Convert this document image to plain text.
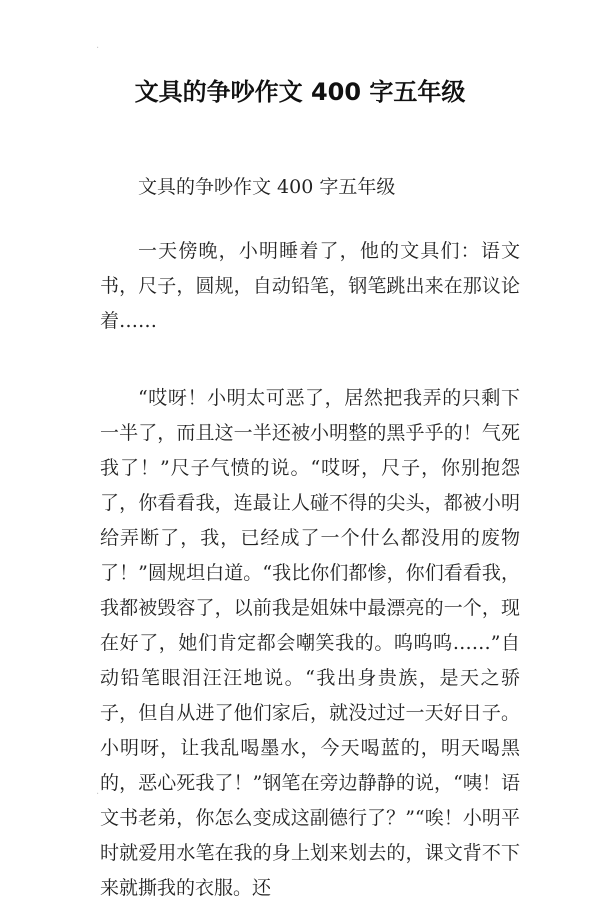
.
文具的争吵作文 400 字五年级

文具的争吵作文 400 字五年级

一天傍晚，小明睡着了，他的文具们：语文书，尺子，圆规，自动铅笔，钢笔跳出来在那议论着……

“哎呀！小明太可恶了，居然把我弄的只剩下一半了，而且这一半还被小明整的黑乎乎的！气死我了！”尺子气愤的说。“哎呀，尺子，你别抱怨了，你看看我，连最让人碰不得的尖头，都被小明给弄断了，我，已经成了一个什么都没用的废物了！”圆规坦白道。“我比你们都惨，你们看看我，我都被毁容了，以前我是姐妹中最漂亮的一个，现在好了，她们肯定都会嘲笑我的。呜呜呜……”自动铅笔眼泪汪汪地说。“我出身贵族，是天之骄子，但自从进了他们家后，就没过过一天好日子。小明呀，让我乱喝墨水，今天喝蓝的，明天喝黑的，恶心死我了！”钢笔在旁边静静的说，“咦！语文书老弟，你怎么变成这副德行了？”“唉！小明平时就爱用水笔在我的身上划来划去的，课文背不下来就撕我的衣服。还

.
